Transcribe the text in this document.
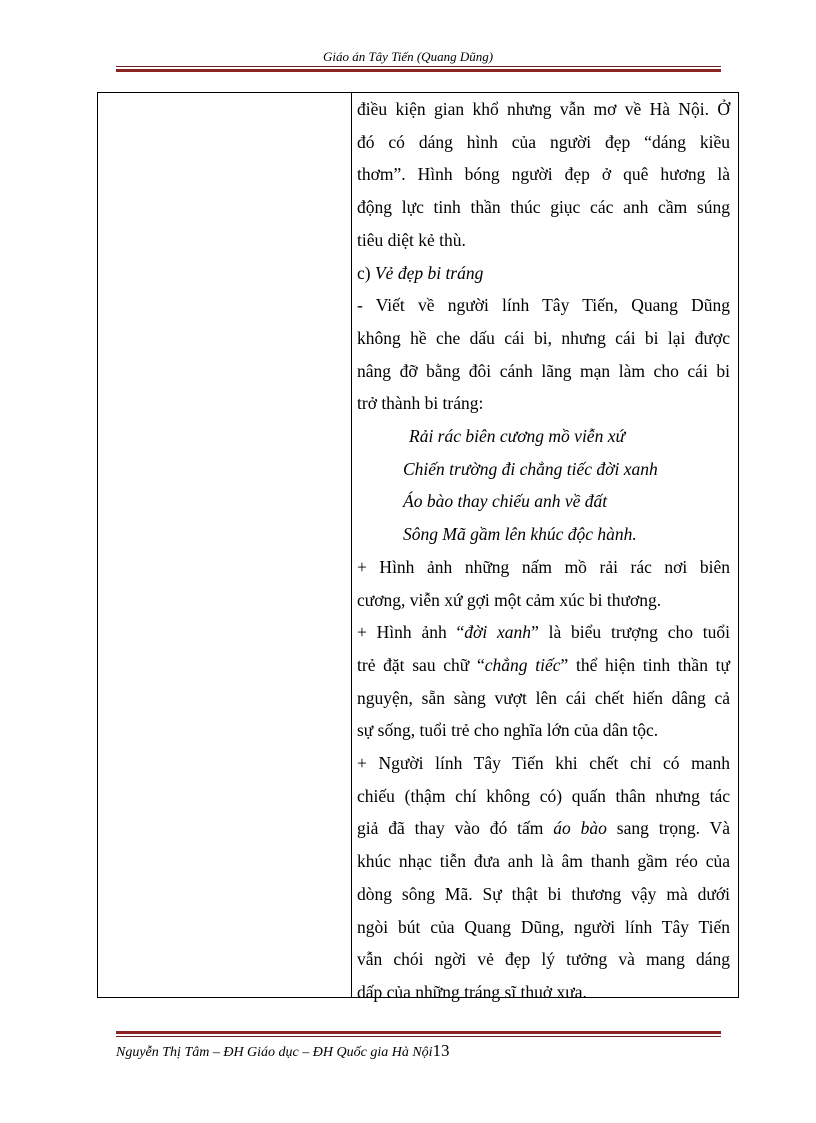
Giáo án Tây Tiến (Quang Dũng)
điều kiện gian khổ nhưng vẫn mơ về Hà Nội. Ở
đó có dáng hình của người đẹp “dáng kiều
thơm”. Hình bóng người đẹp ở quê hương là
động lực tinh thần thúc giục các anh cầm súng
tiêu diệt kẻ thù.
c) Vẻ đẹp bi tráng
- Viết về người lính Tây Tiến, Quang Dũng
không hề che dấu cái bi, nhưng cái bi lại được
nâng đỡ bằng đôi cánh lãng mạn làm cho cái bi
trở thành bi tráng:
Rải rác biên cương mồ viễn xứ
Chiến trường đi chẳng tiếc đời xanh
Áo bào thay chiếu anh về đất
Sông Mã gầm lên khúc độc hành.
+ Hình ảnh những nấm mồ rải rác nơi biên
cương, viễn xứ gợi một cảm xúc bi thương.
+ Hình ảnh “đời xanh” là biểu trượng cho tuổi
trẻ đặt sau chữ “chẳng tiếc” thể hiện tinh thần tự
nguyện, sẵn sàng vượt lên cái chết hiến dâng cả
sự sống, tuổi trẻ cho nghĩa lớn của dân tộc.
+ Người lính Tây Tiến khi chết chỉ có manh
chiếu (thậm chí không có) quấn thân nhưng tác
giả đã thay vào đó tấm áo bào sang trọng. Và
khúc nhạc tiễn đưa anh là âm thanh gầm réo của
dòng sông Mã. Sự thật bi thương vậy mà dưới
ngòi bút của Quang Dũng, người lính Tây Tiến
vẫn chói ngời vẻ đẹp lý tưởng và mang dáng
dấp của những tráng sĩ thuở xưa.
Nguyễn Thị Tâm – ĐH Giáo dục – ĐH Quốc gia Hà Nội13
